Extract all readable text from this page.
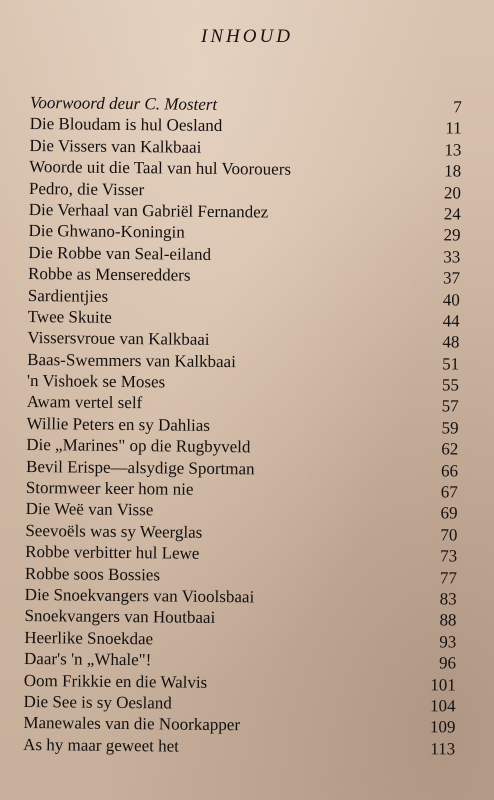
INHOUD
Voorwoord deur C. Mostert	7
Die Bloudam is hul Oesland	11
Die Vissers van Kalkbaai	13
Woorde uit die Taal van hul Voorouers	18
Pedro, die Visser	20
Die Verhaal van Gabriël Fernandez	24
Die Ghwano-Koningin	29
Die Robbe van Seal-eiland	33
Robbe as Menseredders	37
Sardientjies	40
Twee Skuite	44
Vissersvroue van Kalkbaai	48
Baas-Swemmers van Kalkbaai	51
'n Vishoek se Moses	55
Awam vertel self	57
Willie Peters en sy Dahlias	59
Die „Marines" op die Rugbyveld	62
Bevil Erispe—alsydige Sportman	66
Stormweer keer hom nie	67
Die Weë van Visse	69
Seevoëls was sy Weerglas	70
Robbe verbitter hul Lewe	73
Robbe soos Bossies	77
Die Snoekvangers van Vioolsbaai	83
Snoekvangers van Houtbaai	88
Heerlike Snoekdae	93
Daar's 'n „Whale"!	96
Oom Frikkie en die Walvis	101
Die See is sy Oesland	104
Manewales van die Noorkapper	109
As hy maar geweet het	113
